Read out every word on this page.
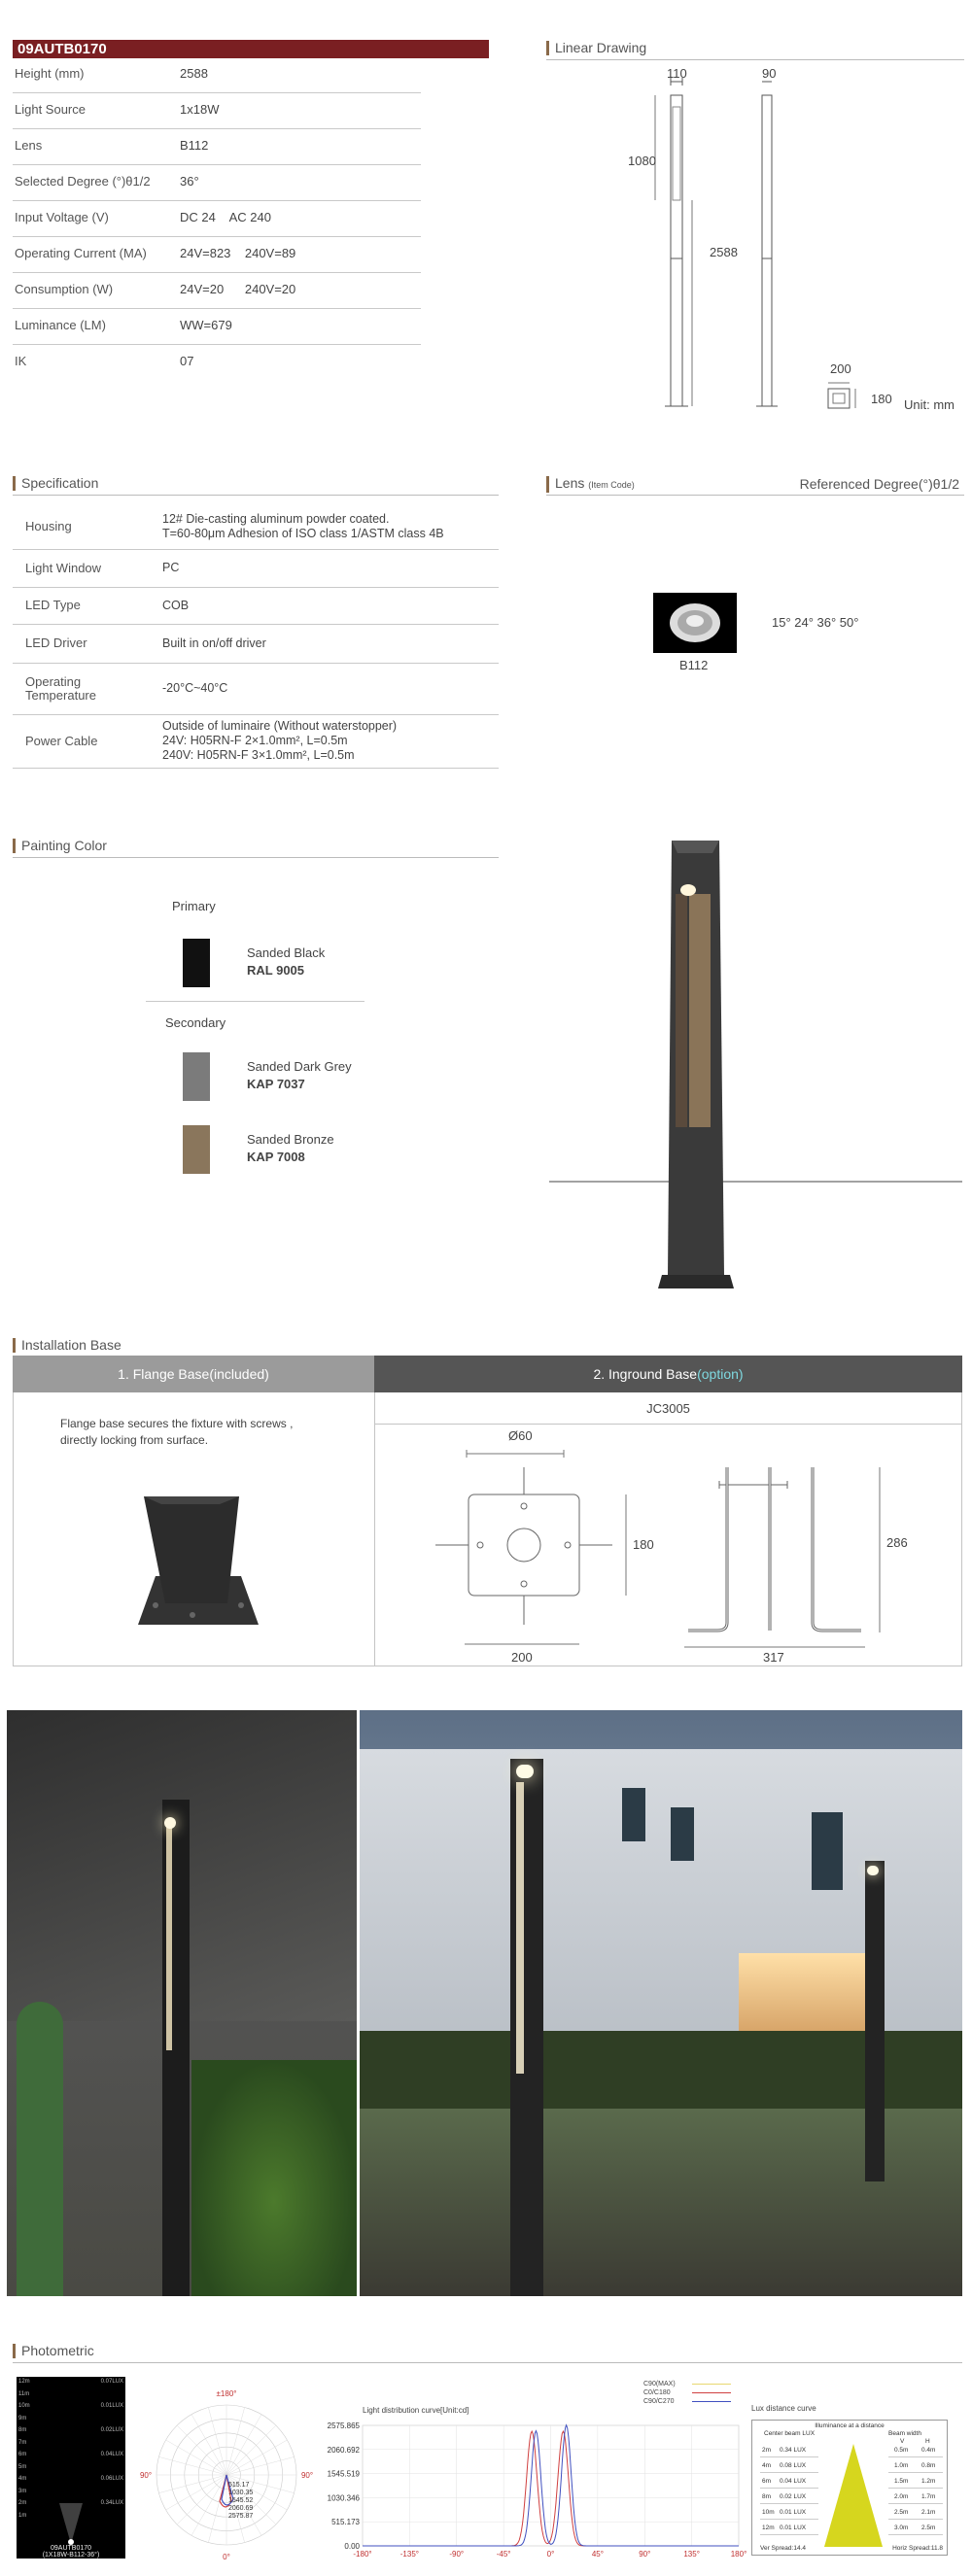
09AUTB0170
Height (mm)	2588
Light Source	1x18W
Lens	B112
Selected Degree (°)θ1/2 36°
Input Voltage (V)	DC 24    AC 240
Operating Current (MA)	24V=823    240V=89
Consumption (W)	24V=20      240V=20
Luminance (LM)	WW=679
IK	07
Linear Drawing
110	90
1080
2588
200
180 Unit: mm
Specification
Housing	12# Die-casting aluminum powder coated.
T=60-80μm Adhesion of ISO class 1/ASTM class 4B
Light Window	PC
LED Type	COB
LED Driver	Built in on/off driver
Operating
Temperature	-20°C~40°C
Power Cable
Outside of luminaire (Without waterstopper)
24V: H05RN-F 2×1.0mm², L=0.5m
240V: H05RN-F 3×1.0mm², L=0.5m
Lens (Item Code)	Referenced Degree(°)θ1/2
B112
15° 24° 36° 50°
Painting Color
Primary
Sanded Black
RAL 9005
Secondary
Sanded Dark Grey
KAP 7037
Sanded Bronze
KAP 7008
Installation Base
1. Flange Base(included)	2. Inground Base(option)
Flange base secures the fixture with screws ,
directly locking from surface.
JC3005
Ø60
180
200
286
317
Photometric
12m
11m
10m
9m
8m
7m
6m
5m
4m
3m
2m
1m
0.07LUX
0.01LUX
0.02LUX
0.04LUX
0.06LUX
0.34LUX
09AUTB0170
(1X18W-B112-36°)
±180°
90°	90°
0°
515.17
1030.35
1545.52
2060.69
2575.87
Light distribution curve[Unit:cd]
C90(MAX)
C0/C180
C90/C270
2575.865
2060.692
1545.519
1030.346
515.173
0.00
-180°	-135°	-90°	-45°	0°	45°	90°	135°	180°
Lux distance curve
Illuminance at a distance
Center beam LUX	Beam width
V	H
2m 0.34 LUX	0.5m 0.4m
4m 0.08 LUX	1.0m 0.8m
6m 0.04 LUX	1.5m 1.2m
8m 0.02 LUX	2.0m 1.7m
10m 0.01 LUX	2.5m 2.1m
12m 0.01 LUX	3.0m 2.5m
Ver Spread:14.4	Horiz Spread:11.8
